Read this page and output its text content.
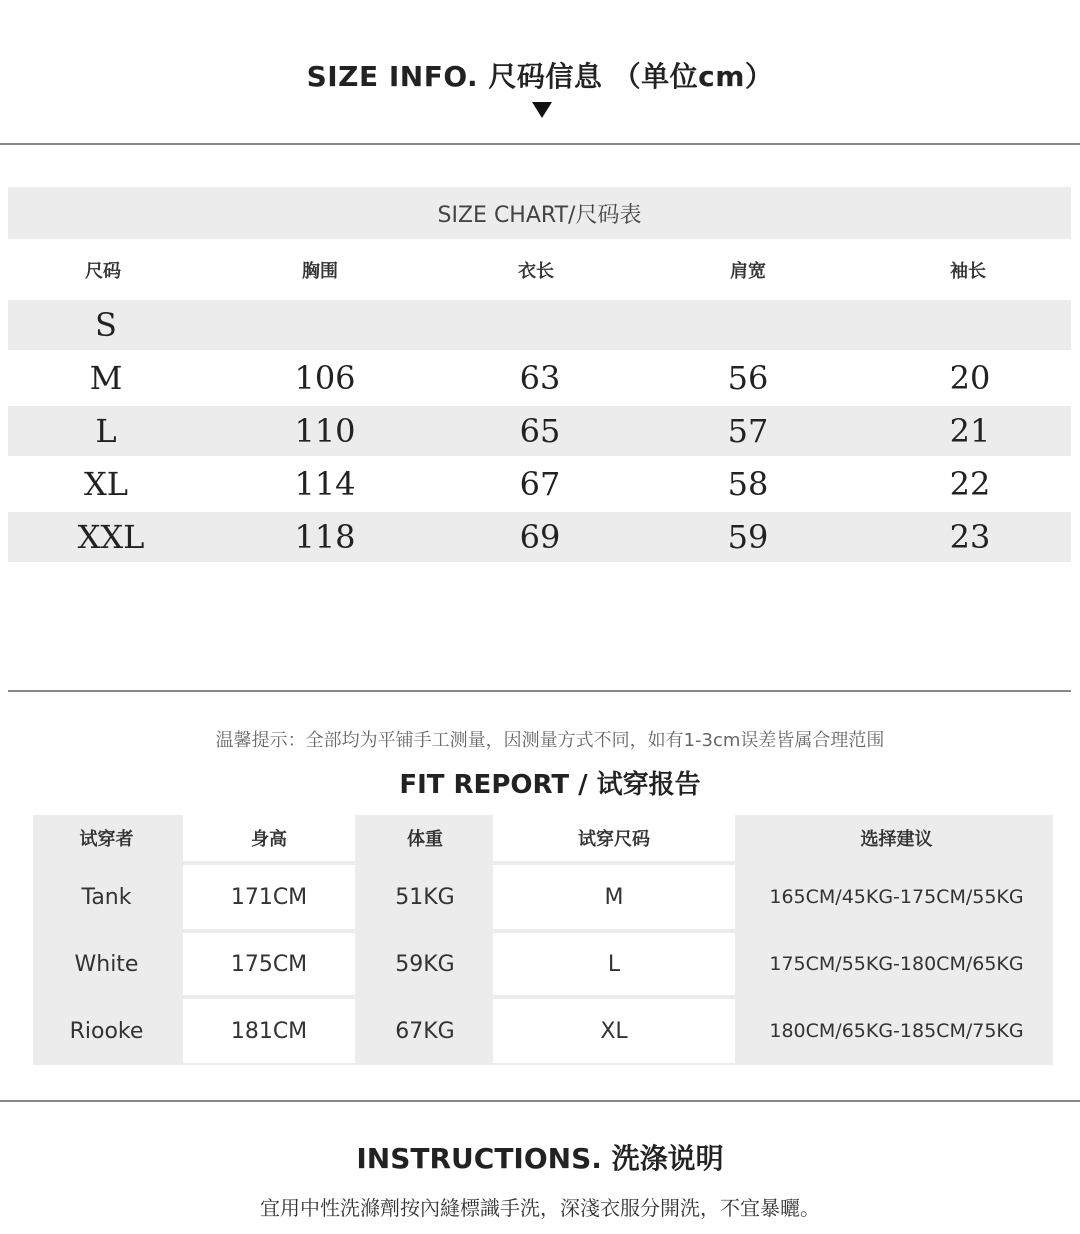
SIZE INFO. 尺码信息 （单位cm）
SIZE CHART/尺码表
尺码	胸围	衣长	肩宽	袖长
S
M	106	63	56	20
L	110	65	57	21
XL	114	67	58	22
XXL	118	69	59	23
温馨提示：全部均为平铺手工测量，因测量方式不同，如有1-3cm误差皆属合理范围
FIT REPORT / 试穿报告
试穿者	身高	体重	试穿尺码	选择建议
Tank	171CM	51KG	M	165CM/45KG-175CM/55KG
White	175CM	59KG	L	175CM/55KG-180CM/65KG
Riooke	181CM	67KG	XL	180CM/65KG-185CM/75KG
INSTRUCTIONS. 洗涤说明
宜用中性洗滌劑按內縫標識手洗，深淺衣服分開洗，不宜暴曬。
